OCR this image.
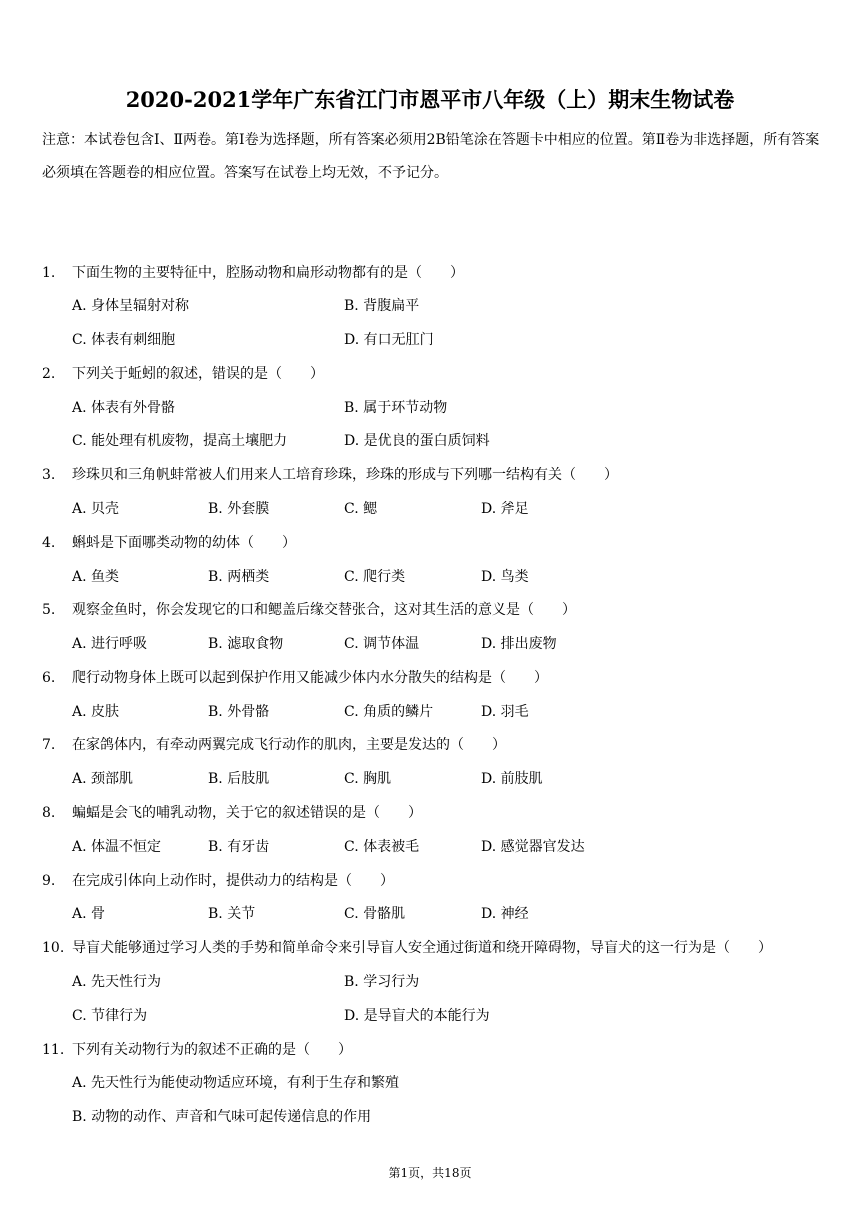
2020-2021学年广东省江门市恩平市八年级（上）期末生物试卷
注意：本试卷包含Ⅰ、Ⅱ两卷。第Ⅰ卷为选择题，所有答案必须用2B铅笔涂在答题卡中相应的位置。第Ⅱ卷为非选择题，所有答案必须填在答题卷的相应位置。答案写在试卷上均无效，不予记分。
1. 下面生物的主要特征中，腔肠动物和扁形动物都有的是（　　）
A. 身体呈辐射对称	B. 背腹扁平
C. 体表有刺细胞	D. 有口无肛门
2. 下列关于蚯蚓的叙述，错误的是（　　）
A. 体表有外骨骼	B. 属于环节动物
C. 能处理有机废物，提高土壤肥力	D. 是优良的蛋白质饲料
3. 珍珠贝和三角帆蚌常被人们用来人工培育珍珠，珍珠的形成与下列哪一结构有关（　　）
A. 贝壳	B. 外套膜	C. 鳃	D. 斧足
4. 蝌蚪是下面哪类动物的幼体（　　）
A. 鱼类	B. 两栖类	C. 爬行类	D. 鸟类
5. 观察金鱼时，你会发现它的口和鳃盖后缘交替张合，这对其生活的意义是（　　）
A. 进行呼吸	B. 滤取食物	C. 调节体温	D. 排出废物
6. 爬行动物身体上既可以起到保护作用又能减少体内水分散失的结构是（　　）
A. 皮肤	B. 外骨骼	C. 角质的鳞片	D. 羽毛
7. 在家鸽体内，有牵动两翼完成飞行动作的肌肉，主要是发达的（　　）
A. 颈部肌	B. 后肢肌	C. 胸肌	D. 前肢肌
8. 蝙蝠是会飞的哺乳动物，关于它的叙述错误的是（　　）
A. 体温不恒定	B. 有牙齿	C. 体表被毛	D. 感觉器官发达
9. 在完成引体向上动作时，提供动力的结构是（　　）
A. 骨	B. 关节	C. 骨骼肌	D. 神经
10. 导盲犬能够通过学习人类的手势和简单命令来引导盲人安全通过街道和绕开障碍物，导盲犬的这一行为是（　　）
A. 先天性行为	B. 学习行为
C. 节律行为	D. 是导盲犬的本能行为
11. 下列有关动物行为的叙述不正确的是（　　）
A. 先天性行为能使动物适应环境，有利于生存和繁殖
B. 动物的动作、声音和气味可起传递信息的作用
第1页，共18页
